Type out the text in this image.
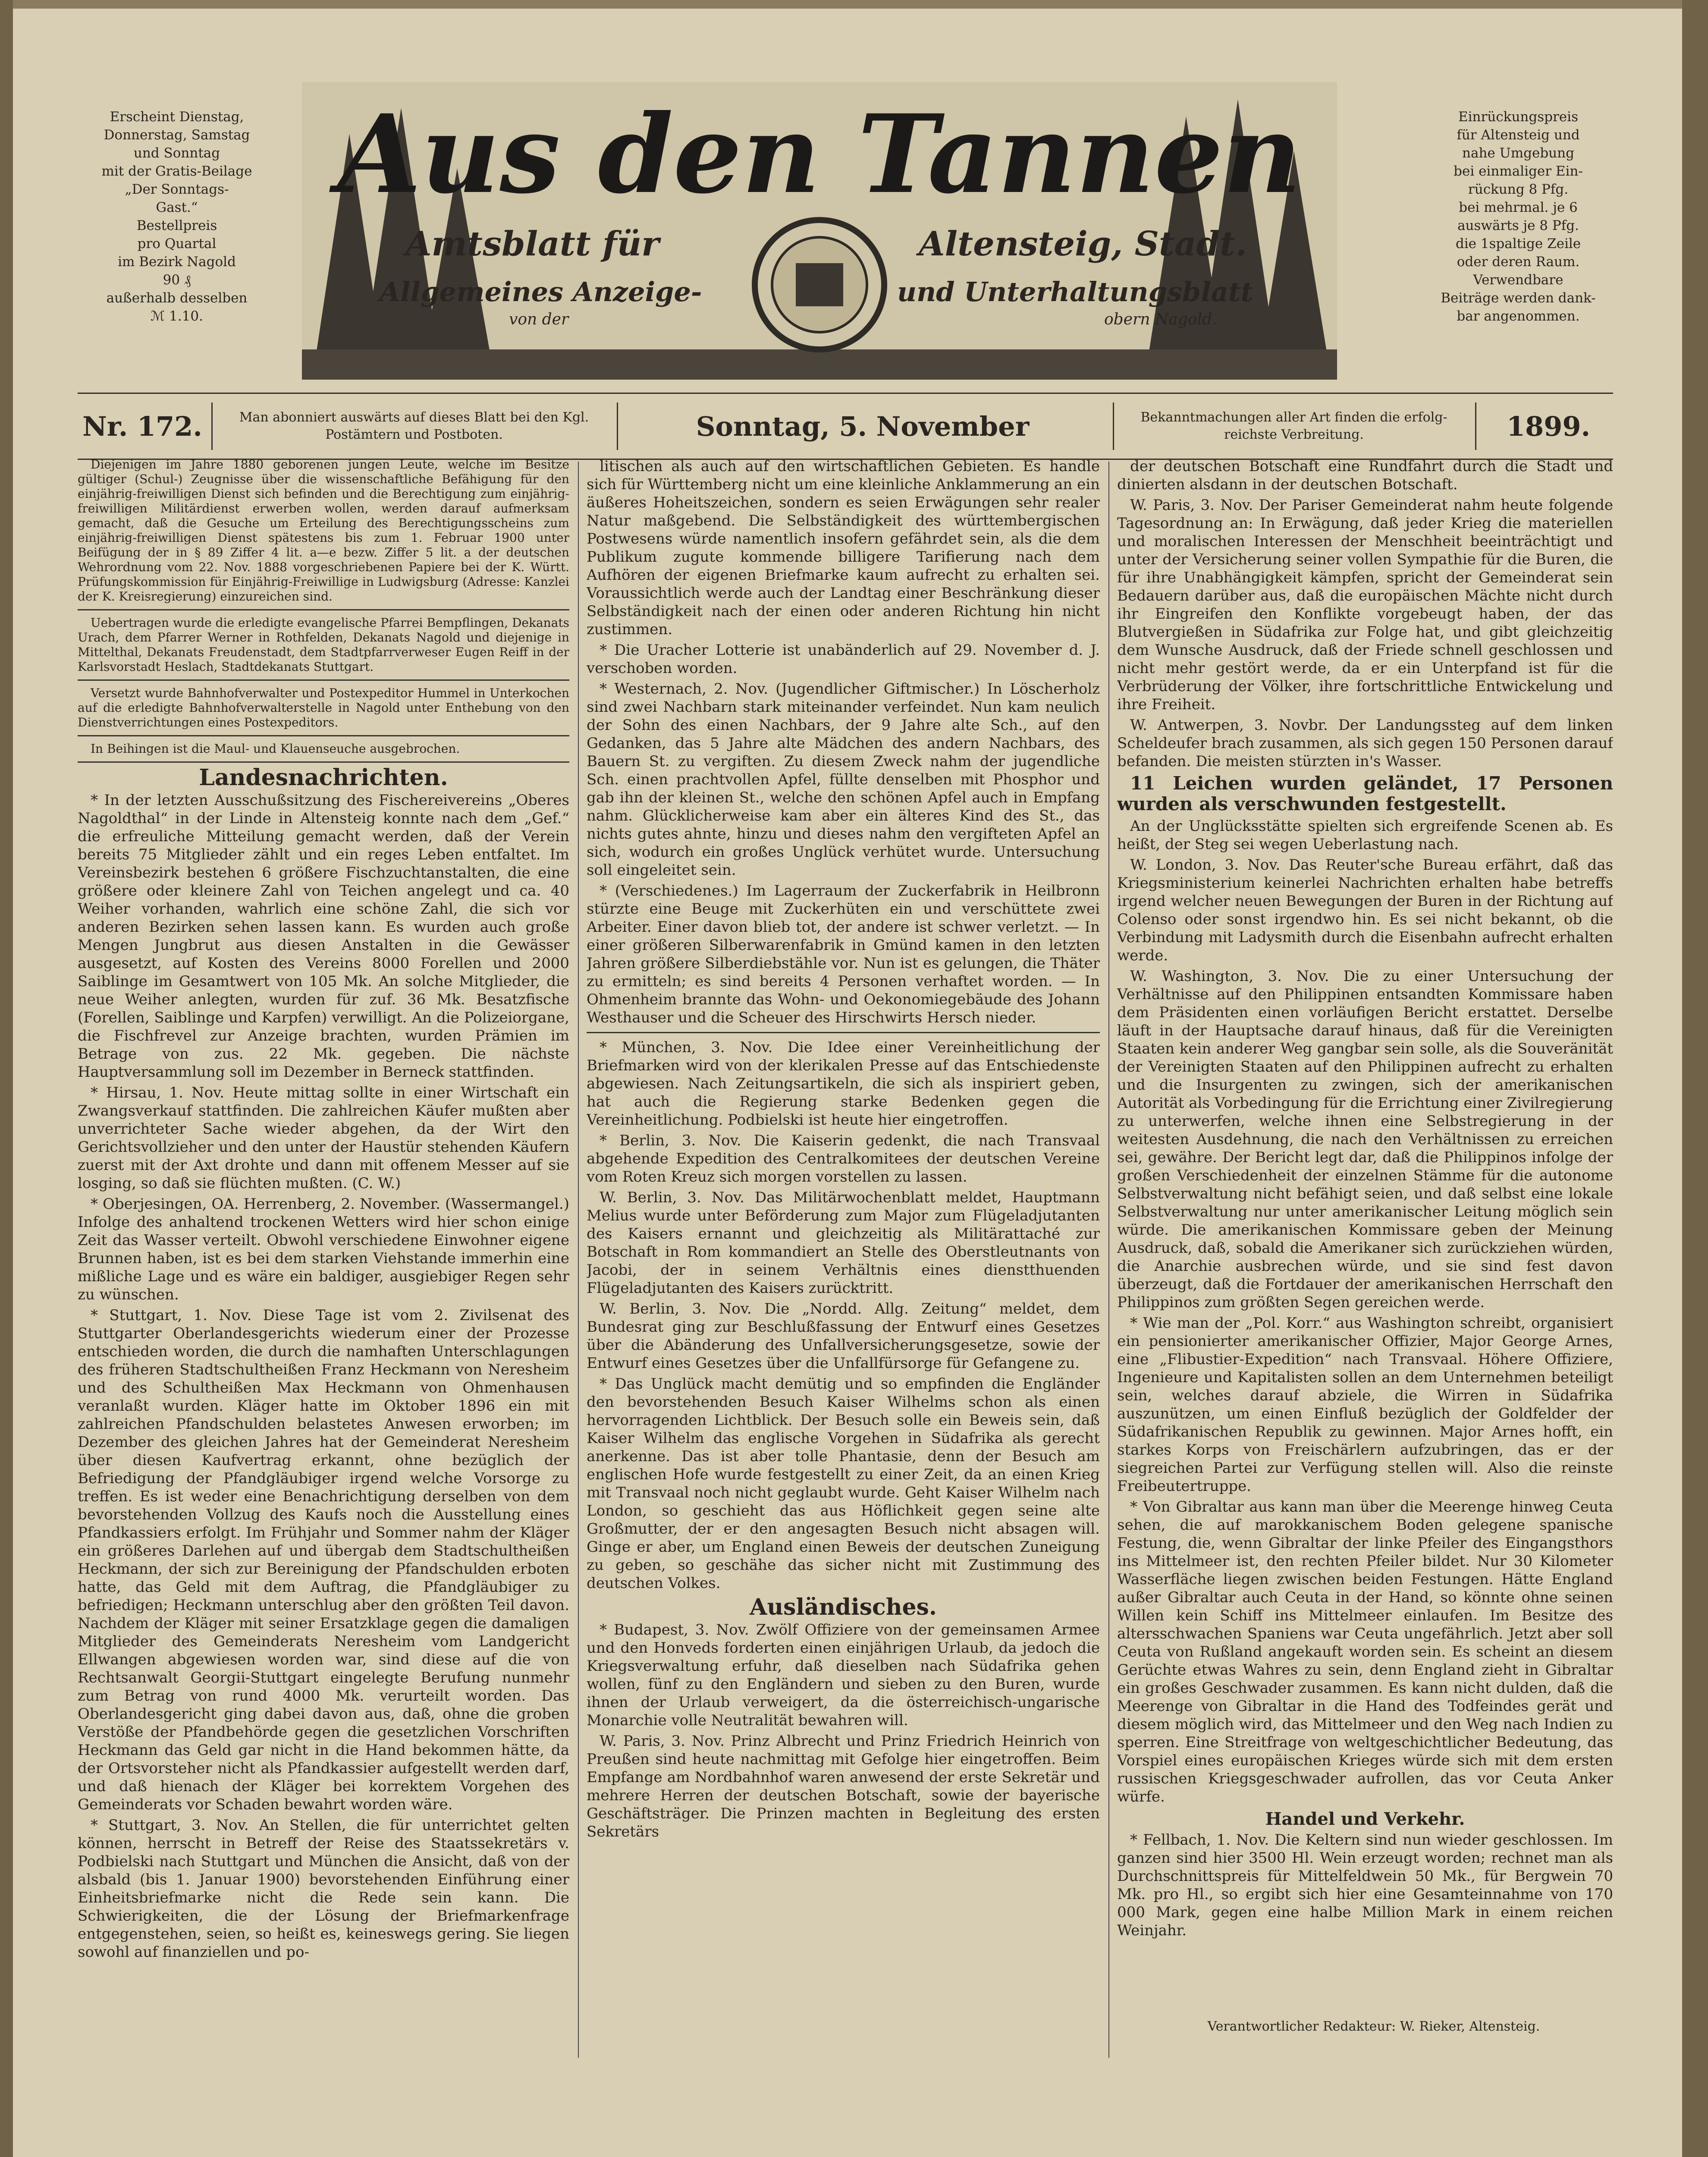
Erscheint Dienstag,
Donnerstag, Samstag
und Sonntag
mit der Gratis-Beilage
„Der Sonntags-
Gast.“
Bestellpreis
pro Quartal
im Bezirk Nagold
90 ₰
außerhalb desselben
ℳ 1.10.
Aus den Tannen
Amtsblatt für	Altensteig, Stadt.
Allgemeines Anzeige-	und Unterhaltungsblatt
von der	obern Nagold.
Einrückungspreis
für Altensteig und
nahe Umgebung
bei einmaliger Ein-
rückung 8 Pfg.
bei mehrmal. je 6
auswärts je 8 Pfg.
die 1spaltige Zeile
oder deren Raum.
Verwendbare
Beiträge werden dank-
bar angenommen.
Nr. 172.	Man abonniert auswärts auf dieses Blatt bei den Kgl. Postämtern und Postboten.	Sonntag, 5. November	Bekanntmachungen aller Art finden die erfolg-reichste Verbreitung.	1899.

Diejenigen im Jahre 1880 geborenen jungen Leute, welche im Besitze gültiger (Schul-) Zeugnisse über die wissenschaftliche Befähigung für den einjährig-freiwilligen Dienst sich befinden und die Berechtigung zum einjährig-freiwilligen Militärdienst erwerben wollen, werden darauf aufmerksam gemacht, daß die Gesuche um Erteilung des Berechtigungsscheins zum einjährig-freiwilligen Dienst spätestens bis zum 1. Februar 1900 unter Beifügung der in § 89 Ziffer 4 lit. a—e bezw. Ziffer 5 lit. a der deutschen Wehrordnung vom 22. Nov. 1888 vorgeschriebenen Papiere bei der K. Württ. Prüfungskommission für Einjährig-Freiwillige in Ludwigsburg (Adresse: Kanzlei der K. Kreisregierung) einzureichen sind.

Uebertragen wurde die erledigte evangelische Pfarrei Bempflingen, Dekanats Urach, dem Pfarrer Werner in Rothfelden, Dekanats Nagold und diejenige in Mittelthal, Dekanats Freudenstadt, dem Stadtpfarrverweser Eugen Reiff in der Karlsvorstadt Heslach, Stadtdekanats Stuttgart.

Versetzt wurde Bahnhofverwalter und Postexpeditor Hummel in Unterkochen auf die erledigte Bahnhofverwalterstelle in Nagold unter Enthebung von den Dienstverrichtungen eines Postexpeditors.

In Beihingen ist die Maul- und Klauenseuche ausgebrochen.

Landesnachrichten.

* In der letzten Ausschußsitzung des Fischereivereins „Oberes Nagoldthal“ in der Linde in Altensteig konnte nach dem „Gef.“ die erfreuliche Mitteilung gemacht werden, daß der Verein bereits 75 Mitglieder zählt und ein reges Leben entfaltet. Im Vereinsbezirk bestehen 6 größere Fischzuchtanstalten, die eine größere oder kleinere Zahl von Teichen angelegt und ca. 40 Weiher vorhanden, wahrlich eine schöne Zahl, die sich vor anderen Bezirken sehen lassen kann. Es wurden auch große Mengen Jungbrut aus diesen Anstalten in die Gewässer ausgesetzt, auf Kosten des Vereins 8000 Forellen und 2000 Saiblinge im Gesamtwert von 105 Mk. An solche Mitglieder, die neue Weiher anlegten, wurden für zuf. 36 Mk. Besatzfische (Forellen, Saiblinge und Karpfen) verwilligt. An die Polizeiorgane, die Fischfrevel zur Anzeige brachten, wurden Prämien im Betrage von zus. 22 Mk. gegeben. Die nächste Hauptversammlung soll im Dezember in Berneck stattfinden.

* Hirsau, 1. Nov. Heute mittag sollte in einer Wirtschaft ein Zwangsverkauf stattfinden. Die zahlreichen Käufer mußten aber unverrichteter Sache wieder abgehen, da der Wirt den Gerichtsvollzieher und den unter der Haustür stehenden Käufern zuerst mit der Axt drohte und dann mit offenem Messer auf sie losging, so daß sie flüchten mußten. (C. W.)

* Oberjesingen, OA. Herrenberg, 2. November. (Wassermangel.) Infolge des anhaltend trockenen Wetters wird hier schon einige Zeit das Wasser verteilt. Obwohl verschiedene Einwohner eigene Brunnen haben, ist es bei dem starken Viehstande immerhin eine mißliche Lage und es wäre ein baldiger, ausgiebiger Regen sehr zu wünschen.

* Stuttgart, 1. Nov. Diese Tage ist vom 2. Zivilsenat des Stuttgarter Oberlandesgerichts wiederum einer der Prozesse entschieden worden, die durch die namhaften Unterschlagungen des früheren Stadtschultheißen Franz Heckmann von Neresheim und des Schultheißen Max Heckmann von Ohmenhausen veranlaßt wurden. Kläger hatte im Oktober 1896 ein mit zahlreichen Pfandschulden belastetes Anwesen erworben; im Dezember des gleichen Jahres hat der Gemeinderat Neresheim über diesen Kaufvertrag erkannt, ohne bezüglich der Befriedigung der Pfandgläubiger irgend welche Vorsorge zu treffen. Es ist weder eine Benachrichtigung derselben von dem bevorstehenden Vollzug des Kaufs noch die Ausstellung eines Pfandkassiers erfolgt. Im Frühjahr und Sommer nahm der Kläger ein größeres Darlehen auf und übergab dem Stadtschultheißen Heckmann, der sich zur Bereinigung der Pfandschulden erboten hatte, das Geld mit dem Auftrag, die Pfandgläubiger zu befriedigen; Heckmann unterschlug aber den größten Teil davon. Nachdem der Kläger mit seiner Ersatzklage gegen die damaligen Mitglieder des Gemeinderats Neresheim vom Landgericht Ellwangen abgewiesen worden war, sind diese auf die von Rechtsanwalt Georgii-Stuttgart eingelegte Berufung nunmehr zum Betrag von rund 4000 Mk. verurteilt worden. Das Oberlandesgericht ging dabei davon aus, daß, ohne die groben Verstöße der Pfandbehörde gegen die gesetzlichen Vorschriften Heckmann das Geld gar nicht in die Hand bekommen hätte, da der Ortsvorsteher nicht als Pfandkassier aufgestellt werden darf, und daß hienach der Kläger bei korrektem Vorgehen des Gemeinderats vor Schaden bewahrt worden wäre.

* Stuttgart, 3. Nov. An Stellen, die für unterrichtet gelten können, herrscht in Betreff der Reise des Staatssekretärs v. Podbielski nach Stuttgart und München die Ansicht, daß von der alsbald (bis 1. Januar 1900) bevorstehenden Einführung einer Einheitsbriefmarke nicht die Rede sein kann. Die Schwierigkeiten, die der Lösung der Briefmarkenfrage entgegenstehen, seien, so heißt es, keineswegs gering. Sie liegen sowohl auf finanziellen und po-

litischen als auch auf den wirtschaftlichen Gebieten. Es handle sich für Württemberg nicht um eine kleinliche Anklammerung an ein äußeres Hoheitszeichen, sondern es seien Erwägungen sehr realer Natur maßgebend. Die Selbständigkeit des württembergischen Postwesens würde namentlich insofern gefährdet sein, als die dem Publikum zugute kommende billigere Tarifierung nach dem Aufhören der eigenen Briefmarke kaum aufrecht zu erhalten sei. Voraussichtlich werde auch der Landtag einer Beschränkung dieser Selbständigkeit nach der einen oder anderen Richtung hin nicht zustimmen.

* Die Uracher Lotterie ist unabänderlich auf 29. November d. J. verschoben worden.

* Westernach, 2. Nov. (Jugendlicher Giftmischer.) In Löscherholz sind zwei Nachbarn stark miteinander verfeindet. Nun kam neulich der Sohn des einen Nachbars, der 9 Jahre alte Sch., auf den Gedanken, das 5 Jahre alte Mädchen des andern Nachbars, des Bauern St. zu vergiften. Zu diesem Zweck nahm der jugendliche Sch. einen prachtvollen Apfel, füllte denselben mit Phosphor und gab ihn der kleinen St., welche den schönen Apfel auch in Empfang nahm. Glücklicherweise kam aber ein älteres Kind des St., das nichts gutes ahnte, hinzu und dieses nahm den vergifteten Apfel an sich, wodurch ein großes Unglück verhütet wurde. Untersuchung soll eingeleitet sein.

* (Verschiedenes.) Im Lagerraum der Zuckerfabrik in Heilbronn stürzte eine Beuge mit Zuckerhüten ein und verschüttete zwei Arbeiter. Einer davon blieb tot, der andere ist schwer verletzt. — In einer größeren Silberwarenfabrik in Gmünd kamen in den letzten Jahren größere Silberdiebstähle vor. Nun ist es gelungen, die Thäter zu ermitteln; es sind bereits 4 Personen verhaftet worden. — In Ohmenheim brannte das Wohn- und Oekonomiegebäude des Johann Westhauser und die Scheuer des Hirschwirts Hersch nieder.

* München, 3. Nov. Die Idee einer Vereinheitlichung der Briefmarken wird von der klerikalen Presse auf das Entschiedenste abgewiesen. Nach Zeitungsartikeln, die sich als inspiriert geben, hat auch die Regierung starke Bedenken gegen die Vereinheitlichung. Podbielski ist heute hier eingetroffen.

* Berlin, 3. Nov. Die Kaiserin gedenkt, die nach Transvaal abgehende Expedition des Centralkomitees der deutschen Vereine vom Roten Kreuz sich morgen vorstellen zu lassen.

W. Berlin, 3. Nov. Das Militärwochenblatt meldet, Hauptmann Melius wurde unter Beförderung zum Major zum Flügeladjutanten des Kaisers ernannt und gleichzeitig als Militärattaché zur Botschaft in Rom kommandiert an Stelle des Oberstleutnants von Jacobi, der in seinem Verhältnis eines dienstthuenden Flügeladjutanten des Kaisers zurücktritt.

W. Berlin, 3. Nov. Die „Nordd. Allg. Zeitung“ meldet, dem Bundesrat ging zur Beschlußfassung der Entwurf eines Gesetzes über die Abänderung des Unfallversicherungsgesetze, sowie der Entwurf eines Gesetzes über die Unfallfürsorge für Gefangene zu.

* Das Unglück macht demütig und so empfinden die Engländer den bevorstehenden Besuch Kaiser Wilhelms schon als einen hervorragenden Lichtblick. Der Besuch solle ein Beweis sein, daß Kaiser Wilhelm das englische Vorgehen in Südafrika als gerecht anerkenne. Das ist aber tolle Phantasie, denn der Besuch am englischen Hofe wurde festgestellt zu einer Zeit, da an einen Krieg mit Transvaal noch nicht geglaubt wurde. Geht Kaiser Wilhelm nach London, so geschieht das aus Höflichkeit gegen seine alte Großmutter, der er den angesagten Besuch nicht absagen will. Ginge er aber, um England einen Beweis der deutschen Zuneigung zu geben, so geschähe das sicher nicht mit Zustimmung des deutschen Volkes.

Ausländisches.

* Budapest, 3. Nov. Zwölf Offiziere von der gemeinsamen Armee und den Honveds forderten einen einjährigen Urlaub, da jedoch die Kriegsverwaltung erfuhr, daß dieselben nach Südafrika gehen wollen, fünf zu den Engländern und sieben zu den Buren, wurde ihnen der Urlaub verweigert, da die österreichisch-ungarische Monarchie volle Neutralität bewahren will.

W. Paris, 3. Nov. Prinz Albrecht und Prinz Friedrich Heinrich von Preußen sind heute nachmittag mit Gefolge hier eingetroffen. Beim Empfange am Nordbahnhof waren anwesend der erste Sekretär und mehrere Herren der deutschen Botschaft, sowie der bayerische Geschäftsträger. Die Prinzen machten in Begleitung des ersten Sekretärs

der deutschen Botschaft eine Rundfahrt durch die Stadt und dinierten alsdann in der deutschen Botschaft.

W. Paris, 3. Nov. Der Pariser Gemeinderat nahm heute folgende Tagesordnung an: In Erwägung, daß jeder Krieg die materiellen und moralischen Interessen der Menschheit beeinträchtigt und unter der Versicherung seiner vollen Sympathie für die Buren, die für ihre Unabhängigkeit kämpfen, spricht der Gemeinderat sein Bedauern darüber aus, daß die europäischen Mächte nicht durch ihr Eingreifen den Konflikte vorgebeugt haben, der das Blutvergießen in Südafrika zur Folge hat, und gibt gleichzeitig dem Wunsche Ausdruck, daß der Friede schnell geschlossen und nicht mehr gestört werde, da er ein Unterpfand ist für die Verbrüderung der Völker, ihre fortschrittliche Entwickelung und ihre Freiheit.

W. Antwerpen, 3. Novbr. Der Landungssteg auf dem linken Scheldeufer brach zusammen, als sich gegen 150 Personen darauf befanden. Die meisten stürzten in's Wasser.

11 Leichen wurden geländet, 17 Personen wurden als verschwunden festgestellt.

An der Unglücksstätte spielten sich ergreifende Scenen ab. Es heißt, der Steg sei wegen Ueberlastung nach.

W. London, 3. Nov. Das Reuter'sche Bureau erfährt, daß das Kriegsministerium keinerlei Nachrichten erhalten habe betreffs irgend welcher neuen Bewegungen der Buren in der Richtung auf Colenso oder sonst irgendwo hin. Es sei nicht bekannt, ob die Verbindung mit Ladysmith durch die Eisenbahn aufrecht erhalten werde.

W. Washington, 3. Nov. Die zu einer Untersuchung der Verhältnisse auf den Philippinen entsandten Kommissare haben dem Präsidenten einen vorläufigen Bericht erstattet. Derselbe läuft in der Hauptsache darauf hinaus, daß für die Vereinigten Staaten kein anderer Weg gangbar sein solle, als die Souveränität der Vereinigten Staaten auf den Philippinen aufrecht zu erhalten und die Insurgenten zu zwingen, sich der amerikanischen Autorität als Vorbedingung für die Errichtung einer Zivilregierung zu unterwerfen, welche ihnen eine Selbstregierung in der weitesten Ausdehnung, die nach den Verhältnissen zu erreichen sei, gewähre. Der Bericht legt dar, daß die Philippinos infolge der großen Verschiedenheit der einzelnen Stämme für die autonome Selbstverwaltung nicht befähigt seien, und daß selbst eine lokale Selbstverwaltung nur unter amerikanischer Leitung möglich sein würde. Die amerikanischen Kommissare geben der Meinung Ausdruck, daß, sobald die Amerikaner sich zurückziehen würden, die Anarchie ausbrechen würde, und sie sind fest davon überzeugt, daß die Fortdauer der amerikanischen Herrschaft den Philippinos zum größten Segen gereichen werde.

* Wie man der „Pol. Korr.“ aus Washington schreibt, organisiert ein pensionierter amerikanischer Offizier, Major George Arnes, eine „Flibustier-Expedition“ nach Transvaal. Höhere Offiziere, Ingenieure und Kapitalisten sollen an dem Unternehmen beteiligt sein, welches darauf abziele, die Wirren in Südafrika auszunützen, um einen Einfluß bezüglich der Goldfelder der Südafrikanischen Republik zu gewinnen. Major Arnes hofft, ein starkes Korps von Freischärlern aufzubringen, das er der siegreichen Partei zur Verfügung stellen will. Also die reinste Freibeutertruppe.

* Von Gibraltar aus kann man über die Meerenge hinweg Ceuta sehen, die auf marokkanischem Boden gelegene spanische Festung, die, wenn Gibraltar der linke Pfeiler des Eingangsthors ins Mittelmeer ist, den rechten Pfeiler bildet. Nur 30 Kilometer Wasserfläche liegen zwischen beiden Festungen. Hätte England außer Gibraltar auch Ceuta in der Hand, so könnte ohne seinen Willen kein Schiff ins Mittelmeer einlaufen. Im Besitze des altersschwachen Spaniens war Ceuta ungefährlich. Jetzt aber soll Ceuta von Rußland angekauft worden sein. Es scheint an diesem Gerüchte etwas Wahres zu sein, denn England zieht in Gibraltar ein großes Geschwader zusammen. Es kann nicht dulden, daß die Meerenge von Gibraltar in die Hand des Todfeindes gerät und diesem möglich wird, das Mittelmeer und den Weg nach Indien zu sperren. Eine Streitfrage von weltgeschichtlicher Bedeutung, das Vorspiel eines europäischen Krieges würde sich mit dem ersten russischen Kriegsgeschwader aufrollen, das vor Ceuta Anker würfe.

Handel und Verkehr.

* Fellbach, 1. Nov. Die Keltern sind nun wieder geschlossen. Im ganzen sind hier 3500 Hl. Wein erzeugt worden; rechnet man als Durchschnittspreis für Mittelfeldwein 50 Mk., für Bergwein 70 Mk. pro Hl., so ergibt sich hier eine Gesamteinnahme von 170 000 Mark, gegen eine halbe Million Mark in einem reichen Weinjahr.

Verantwortlicher Redakteur: W. Rieker, Altensteig.
